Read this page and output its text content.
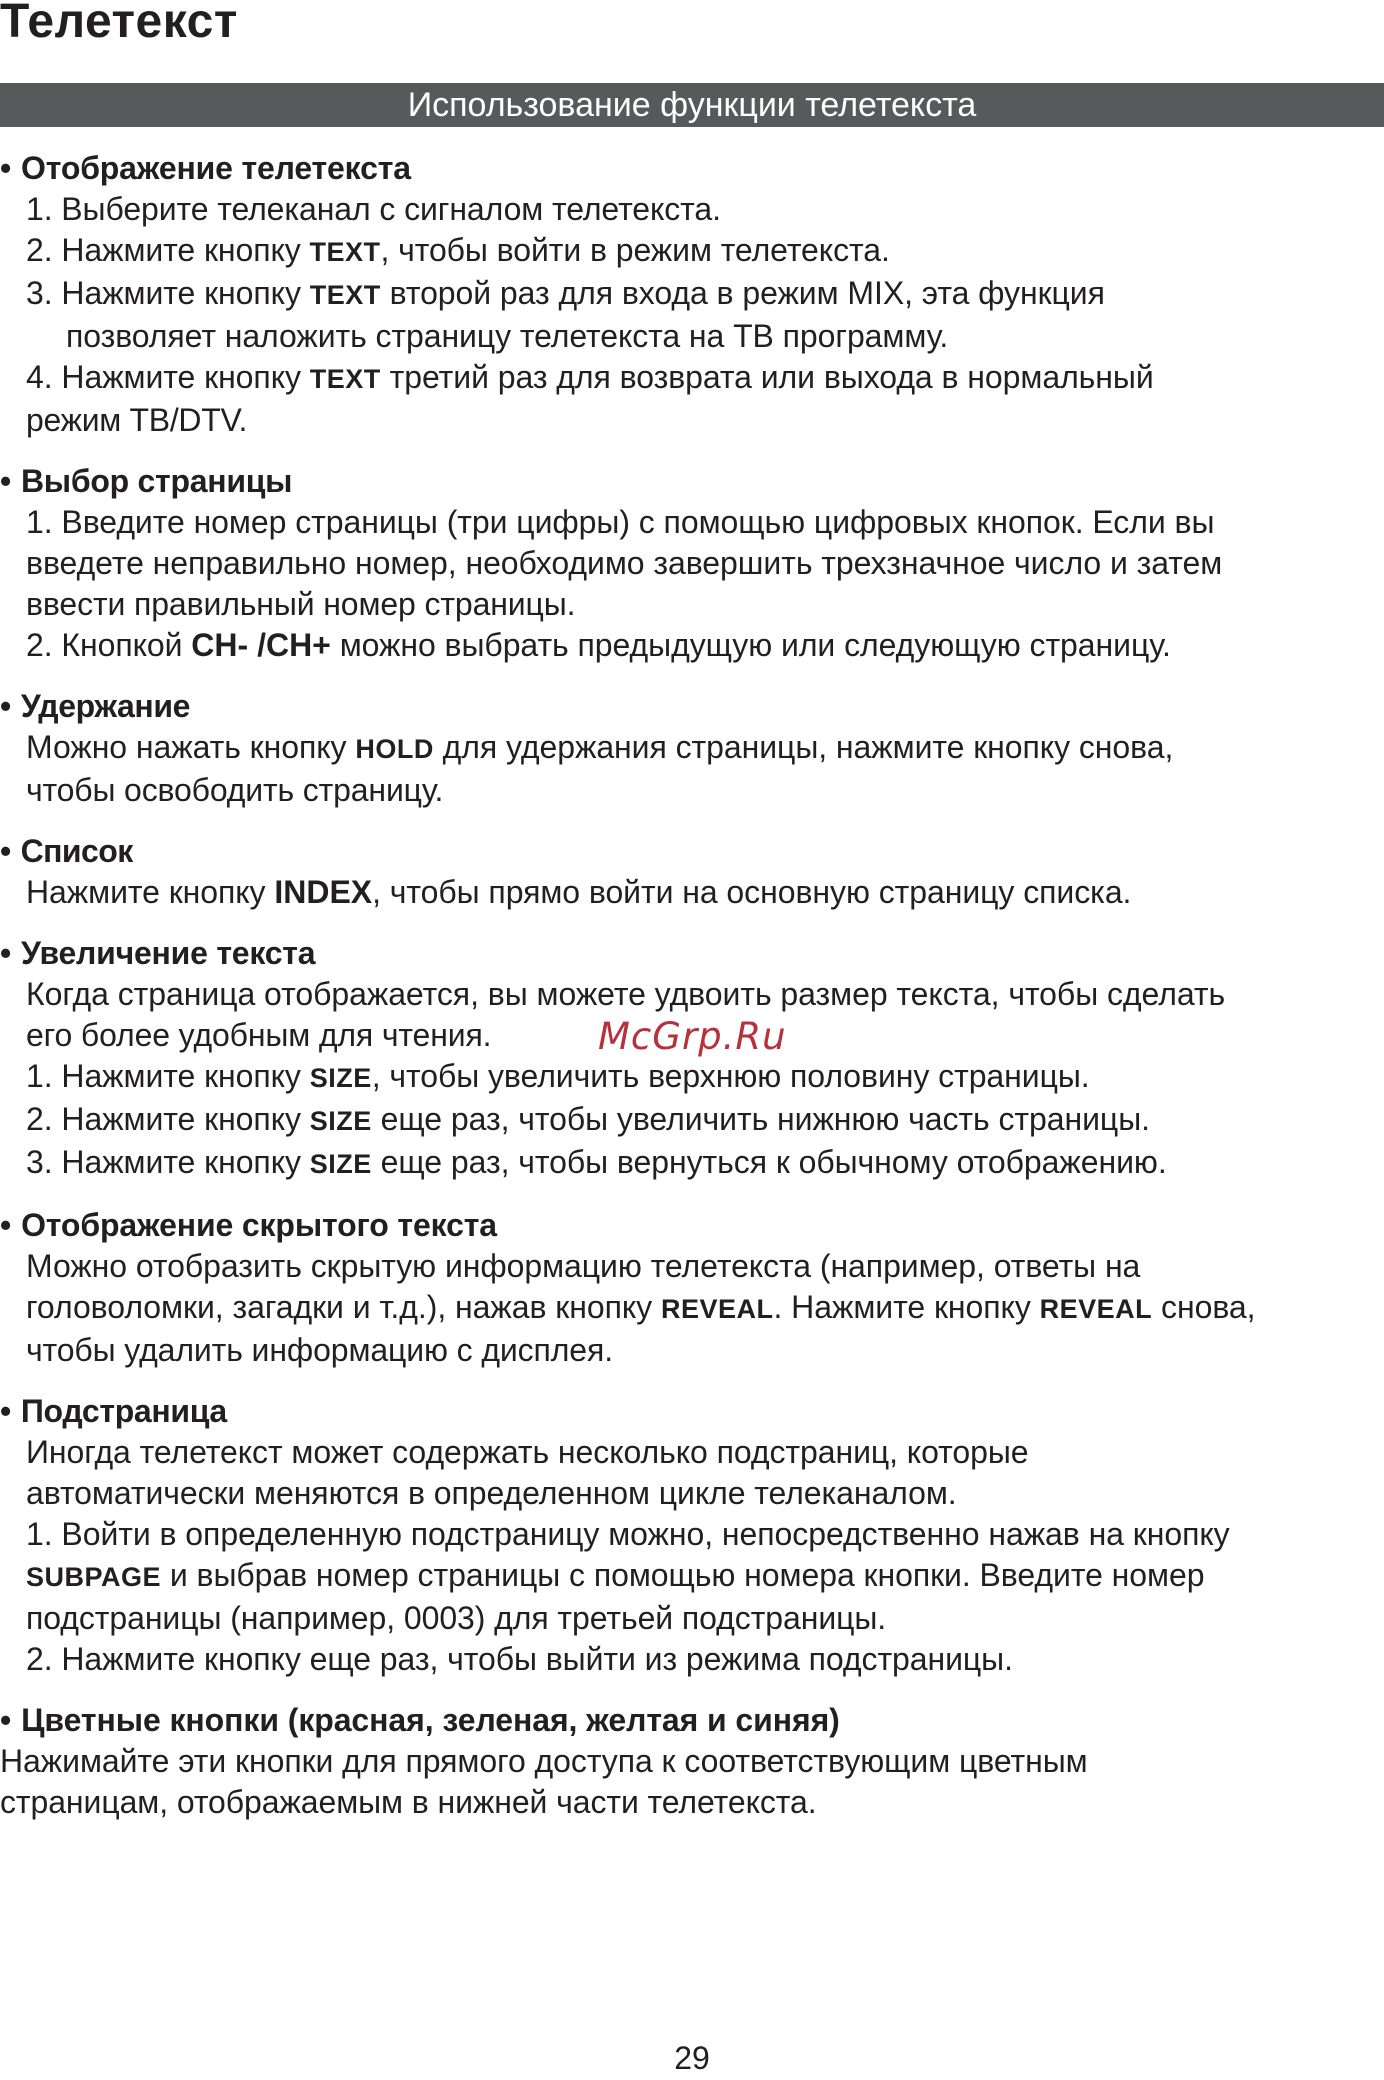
Телетекст
Использование функции телетекста
• Отображение телетекста
1. Выберите телеканал с сигналом телетекста.
2. Нажмите кнопку TEXT, чтобы войти в режим телетекста.
3. Нажмите кнопку TEXT второй раз для входа в режим MIX, эта функция
позволяет наложить страницу телетекста на ТВ программу.
4. Нажмите кнопку TEXT третий раз для возврата или выхода в нормальный
режим ТВ/DTV.
• Выбор страницы
1. Введите номер страницы (три цифры) с помощью цифровых кнопок. Если вы
введете неправильно номер, необходимо завершить трехзначное число и затем
ввести правильный номер страницы.
2. Кнопкой CH- /CH+ можно выбрать предыдущую или следующую страницу.
• Удержание
Можно нажать кнопку HOLD для удержания страницы, нажмите кнопку снова,
чтобы освободить страницу.
• Список
Нажмите кнопку INDEX, чтобы прямо войти на основную страницу списка.
• Увеличение текста
Когда страница отображается, вы можете удвоить размер текста, чтобы сделать
его более удобным для чтения.
1. Нажмите кнопку SIZE, чтобы увеличить верхнюю половину страницы.
2. Нажмите кнопку SIZE еще раз, чтобы увеличить нижнюю часть страницы.
3. Нажмите кнопку SIZE еще раз, чтобы вернуться к обычному отображению.
• Отображение скрытого текста
Можно отобразить скрытую информацию телетекста (например, ответы на
головоломки, загадки и т.д.), нажав кнопку REVEAL. Нажмите кнопку REVEAL снова,
чтобы удалить информацию с дисплея.
• Подстраница
Иногда телетекст может содержать несколько подстраниц, которые
автоматически меняются в определенном цикле телеканалом.
1. Войти в определенную подстраницу можно, непосредственно нажав на кнопку
SUBPAGE и выбрав номер страницы с помощью номера кнопки. Введите номер
подстраницы (например, 0003) для третьей подстраницы.
2. Нажмите кнопку еще раз, чтобы выйти из режима подстраницы.
• Цветные кнопки (красная, зеленая, желтая и синяя)
Нажимайте эти кнопки для прямого доступа к соответствующим цветным
страницам, отображаемым в нижней части телетекста.
McGrp.Ru
29
